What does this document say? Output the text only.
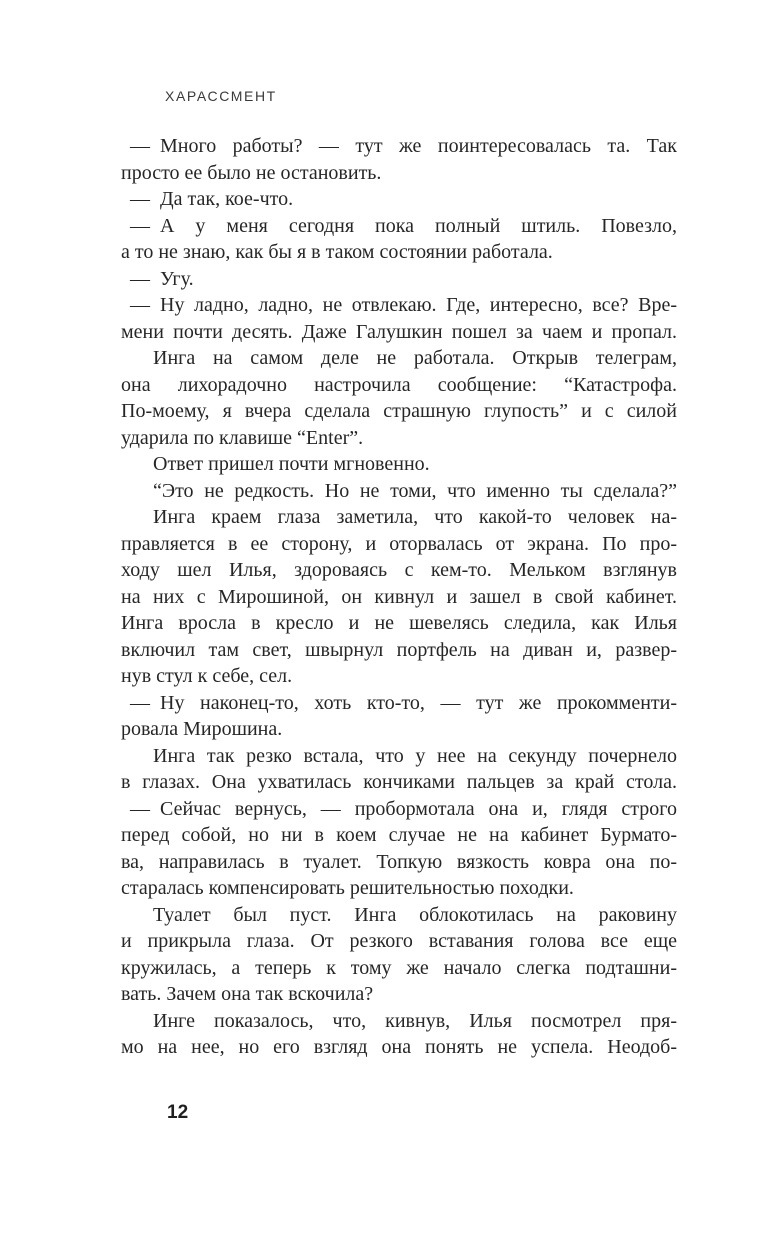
ХАРАССМЕНТ
— Много работы? — тут же поинтересовалась та. Так
просто ее было не остановить.
— Да так, кое-что.
— А у меня сегодня пока полный штиль. Повезло,
а то не знаю, как бы я в таком состоянии работала.
— Угу.
— Ну ладно, ладно, не отвлекаю. Где, интересно, все? Вре-
мени почти десять. Даже Галушкин пошел за чаем и пропал.
Инга на самом деле не работала. Открыв телеграм,
она лихорадочно настрочила сообщение: “Катастрофа.
По-моему, я вчера сделала страшную глупость” и с силой
ударила по клавише “Enter”.
Ответ пришел почти мгновенно.
“Это не редкость. Но не томи, что именно ты сделала?”
Инга краем глаза заметила, что какой-то человек на-
правляется в ее сторону, и оторвалась от экрана. По про-
ходу шел Илья, здороваясь с кем-то. Мельком взглянув
на них с Мирошиной, он кивнул и зашел в свой кабинет.
Инга вросла в кресло и не шевелясь следила, как Илья
включил там свет, швырнул портфель на диван и, развер-
нув стул к себе, сел.
— Ну наконец-то, хоть кто-то, — тут же прокомменти-
ровала Мирошина.
Инга так резко встала, что у нее на секунду почернело
в глазах. Она ухватилась кончиками пальцев за край стола.
— Сейчас вернусь, — пробормотала она и, глядя строго
перед собой, но ни в коем случае не на кабинет Бурмато-
ва, направилась в туалет. Топкую вязкость ковра она по-
старалась компенсировать решительностью походки.
Туалет был пуст. Инга облокотилась на раковину
и прикрыла глаза. От резкого вставания голова все еще
кружилась, а теперь к тому же начало слегка подташни-
вать. Зачем она так вскочила?
Инге показалось, что, кивнув, Илья посмотрел пря-
мо на нее, но его взгляд она понять не успела. Неодоб-
12
